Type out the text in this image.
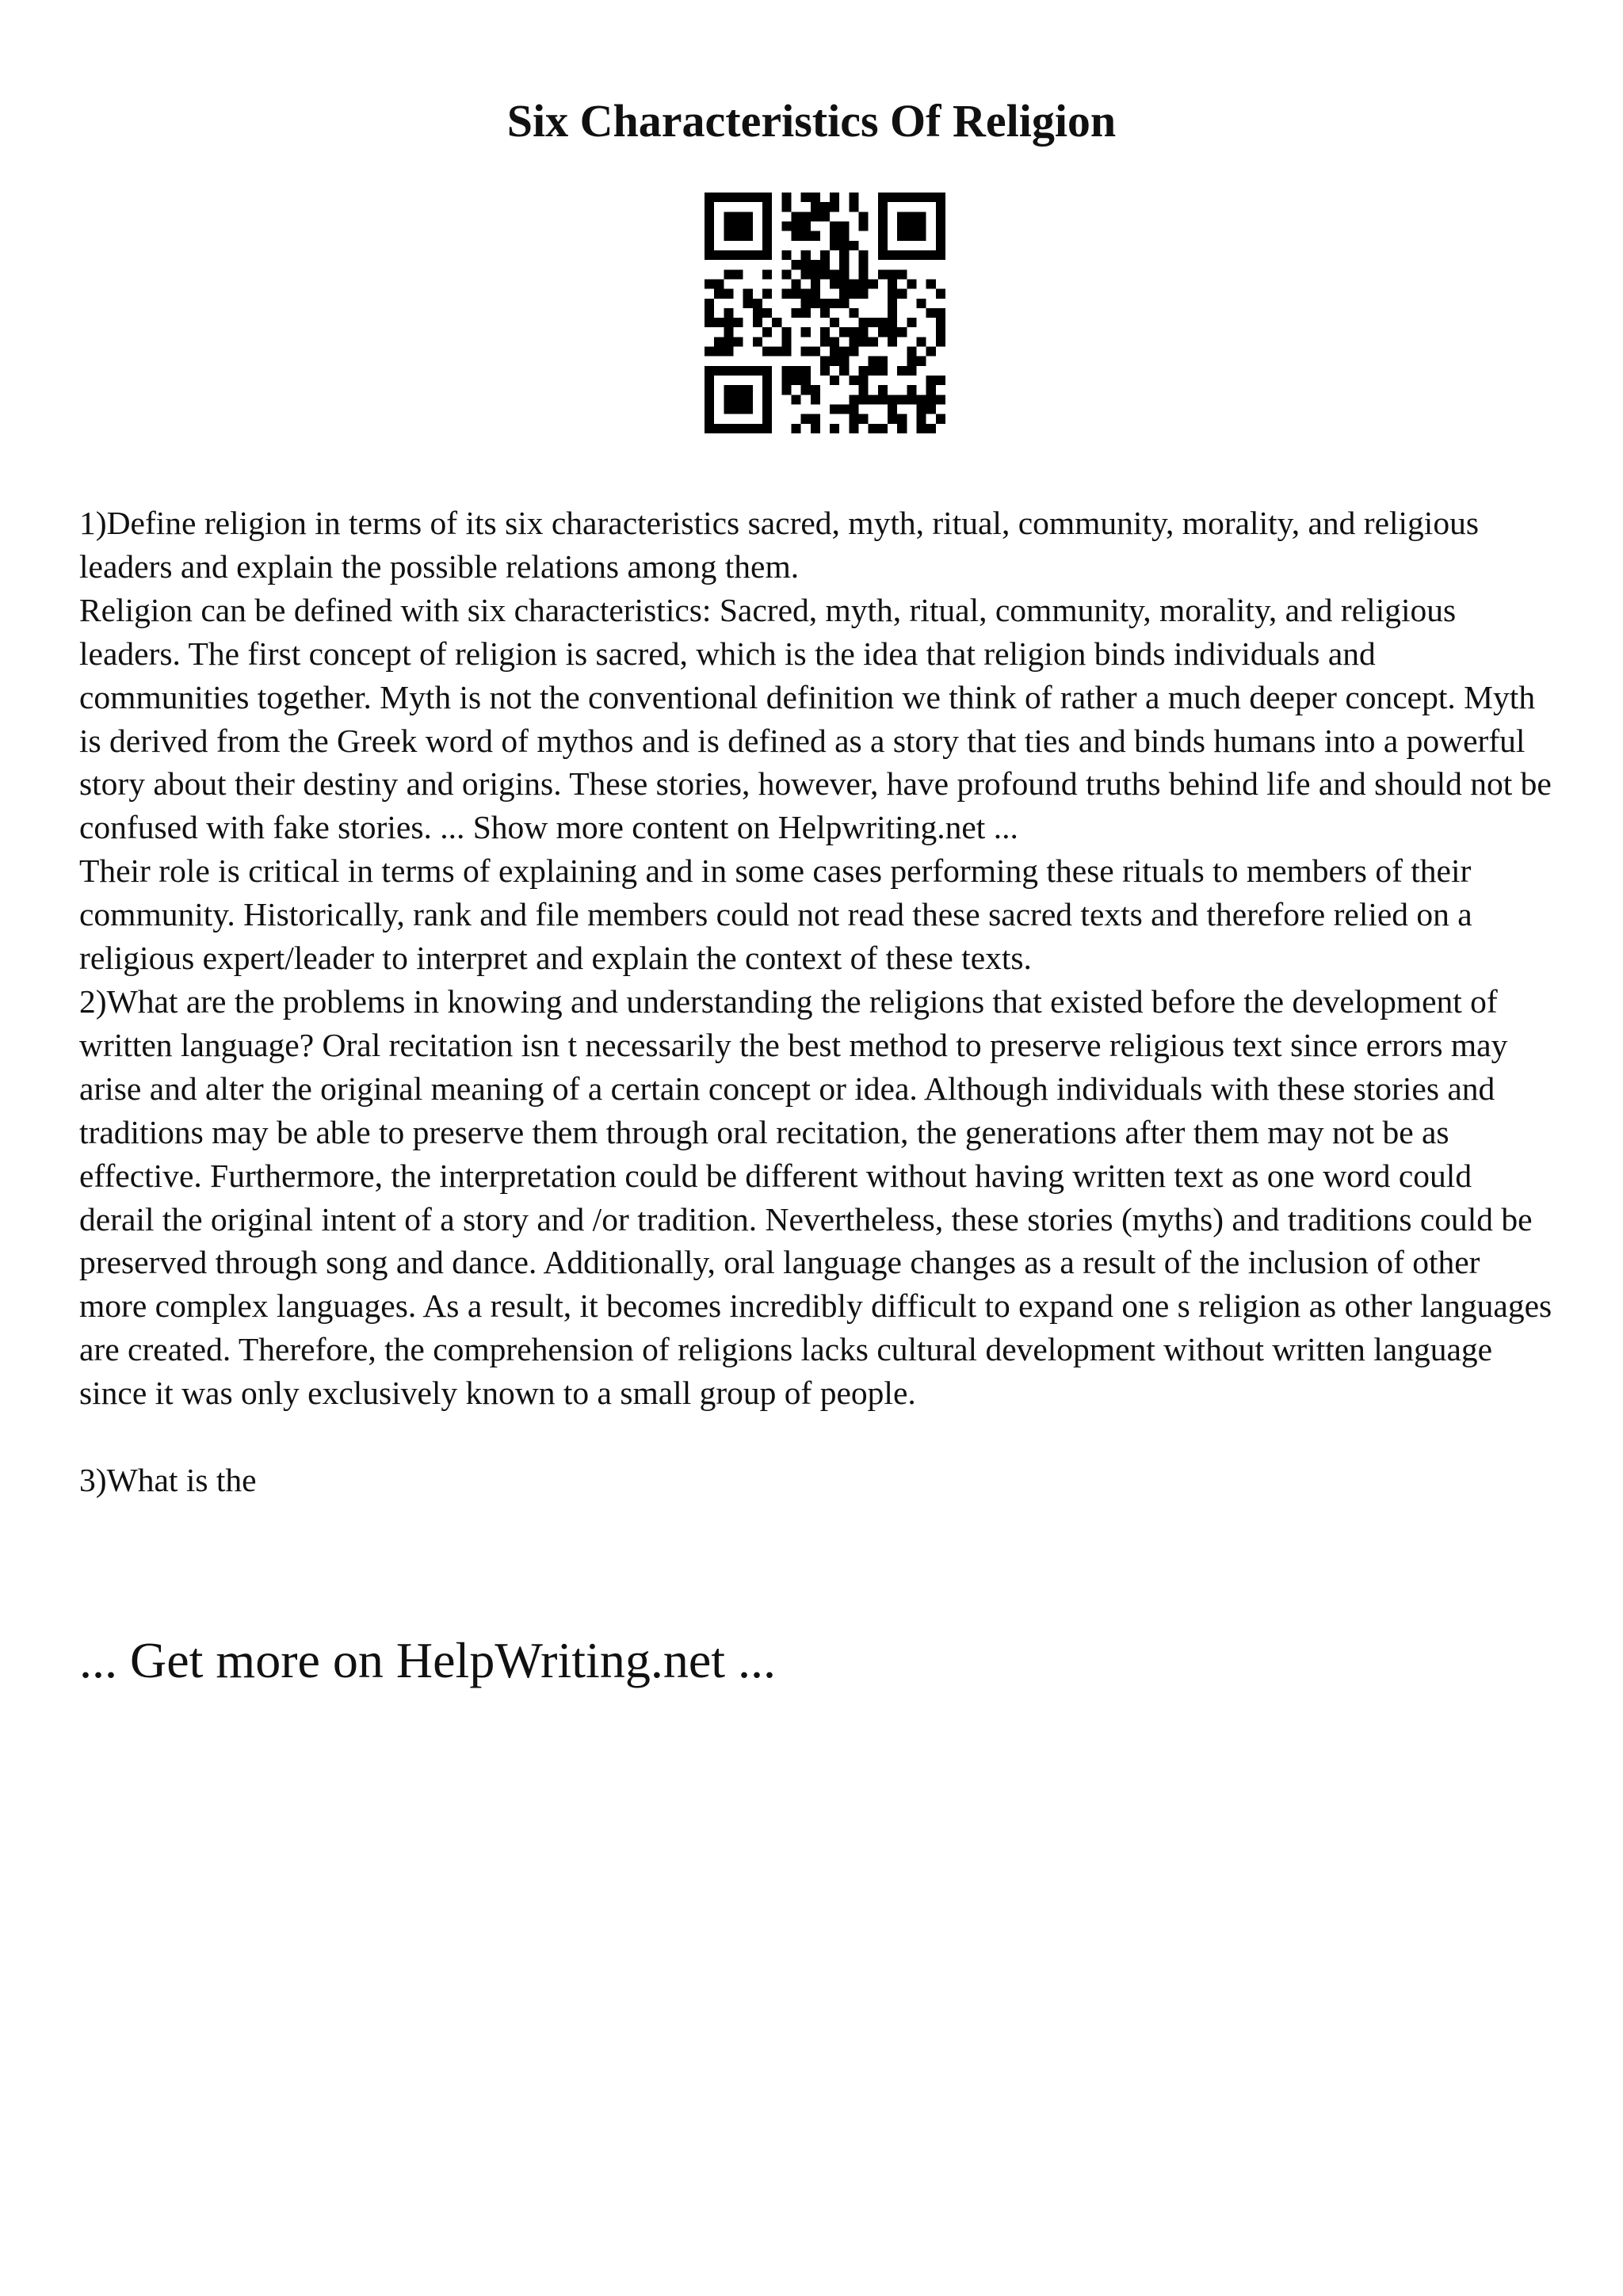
Six Characteristics Of Religion

1)Define religion in terms of its six characteristics sacred, myth, ritual, community, morality, and religious leaders and explain the possible relations among them.

Religion can be defined with six characteristics: Sacred, myth, ritual, community, morality, and religious leaders. The first concept of religion is sacred, which is the idea that religion binds individuals and communities together. Myth is not the conventional definition we think of rather a much deeper concept. Myth is derived from the Greek word of mythos and is defined as a story that ties and binds humans into a powerful story about their destiny and origins. These stories, however, have profound truths behind life and should not be confused with fake stories. ... Show more content on Helpwriting.net ...

Their role is critical in terms of explaining and in some cases performing these rituals to members of their community. Historically, rank and file members could not read these sacred texts and therefore relied on a religious expert/leader to interpret and explain the context of these texts.

2)What are the problems in knowing and understanding the religions that existed before the development of written language? Oral recitation isn t necessarily the best method to preserve religious text since errors may arise and alter the original meaning of a certain concept or idea. Although individuals with these stories and traditions may be able to preserve them through oral recitation, the generations after them may not be as effective. Furthermore, the interpretation could be different without having written text as one word could derail the original intent of a story and /or tradition. Nevertheless, these stories (myths) and traditions could be preserved through song and dance. Additionally, oral language changes as a result of the inclusion of other more complex languages. As a result, it becomes incredibly difficult to expand one s religion as other languages are created. Therefore, the comprehension of religions lacks cultural development without written language since it was only exclusively known to a small group of people.

3)What is the

... Get more on HelpWriting.net ...
